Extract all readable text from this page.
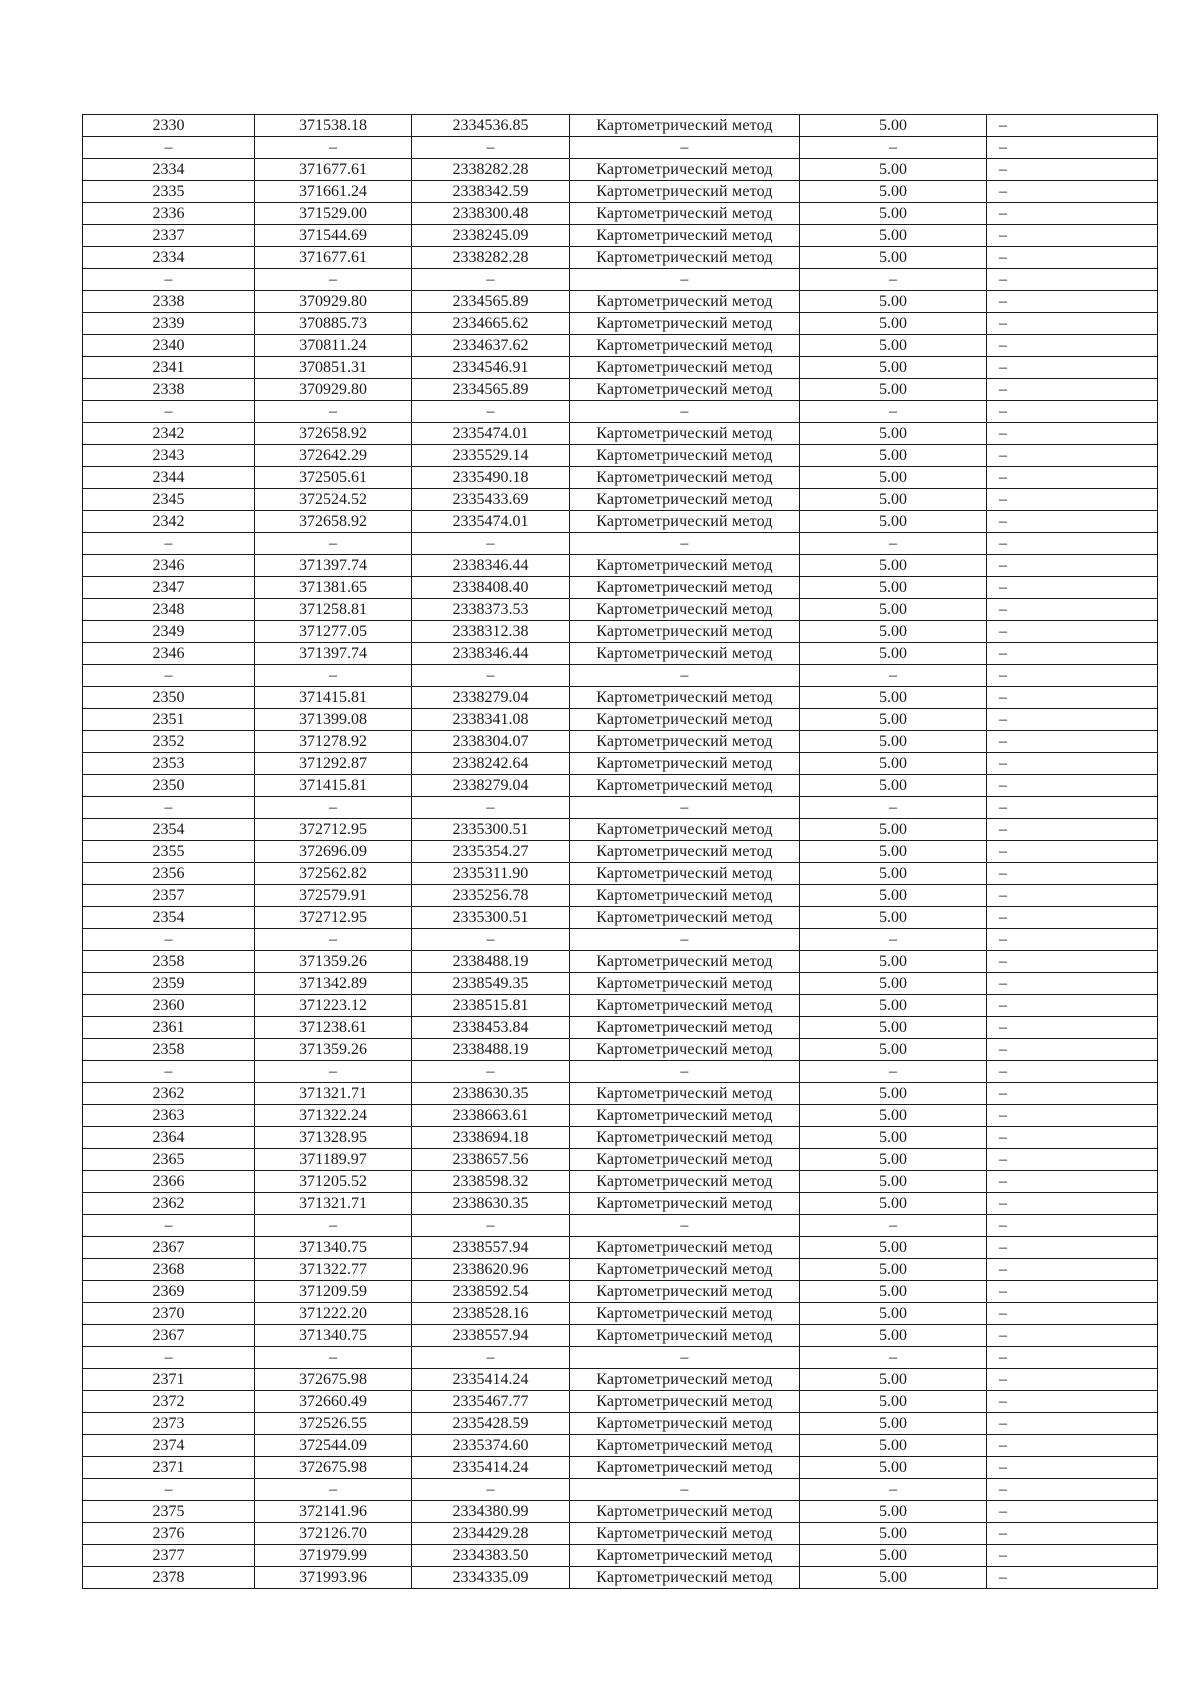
2330	371538.18	2334536.85	Картометрический метод	5.00	–
–	–	–	–	–	–
2334	371677.61	2338282.28	Картометрический метод	5.00	–
2335	371661.24	2338342.59	Картометрический метод	5.00	–
2336	371529.00	2338300.48	Картометрический метод	5.00	–
2337	371544.69	2338245.09	Картометрический метод	5.00	–
2334	371677.61	2338282.28	Картометрический метод	5.00	–
–	–	–	–	–	–
2338	370929.80	2334565.89	Картометрический метод	5.00	–
2339	370885.73	2334665.62	Картометрический метод	5.00	–
2340	370811.24	2334637.62	Картометрический метод	5.00	–
2341	370851.31	2334546.91	Картометрический метод	5.00	–
2338	370929.80	2334565.89	Картометрический метод	5.00	–
–	–	–	–	–	–
2342	372658.92	2335474.01	Картометрический метод	5.00	–
2343	372642.29	2335529.14	Картометрический метод	5.00	–
2344	372505.61	2335490.18	Картометрический метод	5.00	–
2345	372524.52	2335433.69	Картометрический метод	5.00	–
2342	372658.92	2335474.01	Картометрический метод	5.00	–
–	–	–	–	–	–
2346	371397.74	2338346.44	Картометрический метод	5.00	–
2347	371381.65	2338408.40	Картометрический метод	5.00	–
2348	371258.81	2338373.53	Картометрический метод	5.00	–
2349	371277.05	2338312.38	Картометрический метод	5.00	–
2346	371397.74	2338346.44	Картометрический метод	5.00	–
–	–	–	–	–	–
2350	371415.81	2338279.04	Картометрический метод	5.00	–
2351	371399.08	2338341.08	Картометрический метод	5.00	–
2352	371278.92	2338304.07	Картометрический метод	5.00	–
2353	371292.87	2338242.64	Картометрический метод	5.00	–
2350	371415.81	2338279.04	Картометрический метод	5.00	–
–	–	–	–	–	–
2354	372712.95	2335300.51	Картометрический метод	5.00	–
2355	372696.09	2335354.27	Картометрический метод	5.00	–
2356	372562.82	2335311.90	Картометрический метод	5.00	–
2357	372579.91	2335256.78	Картометрический метод	5.00	–
2354	372712.95	2335300.51	Картометрический метод	5.00	–
–	–	–	–	–	–
2358	371359.26	2338488.19	Картометрический метод	5.00	–
2359	371342.89	2338549.35	Картометрический метод	5.00	–
2360	371223.12	2338515.81	Картометрический метод	5.00	–
2361	371238.61	2338453.84	Картометрический метод	5.00	–
2358	371359.26	2338488.19	Картометрический метод	5.00	–
–	–	–	–	–	–
2362	371321.71	2338630.35	Картометрический метод	5.00	–
2363	371322.24	2338663.61	Картометрический метод	5.00	–
2364	371328.95	2338694.18	Картометрический метод	5.00	–
2365	371189.97	2338657.56	Картометрический метод	5.00	–
2366	371205.52	2338598.32	Картометрический метод	5.00	–
2362	371321.71	2338630.35	Картометрический метод	5.00	–
–	–	–	–	–	–
2367	371340.75	2338557.94	Картометрический метод	5.00	–
2368	371322.77	2338620.96	Картометрический метод	5.00	–
2369	371209.59	2338592.54	Картометрический метод	5.00	–
2370	371222.20	2338528.16	Картометрический метод	5.00	–
2367	371340.75	2338557.94	Картометрический метод	5.00	–
–	–	–	–	–	–
2371	372675.98	2335414.24	Картометрический метод	5.00	–
2372	372660.49	2335467.77	Картометрический метод	5.00	–
2373	372526.55	2335428.59	Картометрический метод	5.00	–
2374	372544.09	2335374.60	Картометрический метод	5.00	–
2371	372675.98	2335414.24	Картометрический метод	5.00	–
–	–	–	–	–	–
2375	372141.96	2334380.99	Картометрический метод	5.00	–
2376	372126.70	2334429.28	Картометрический метод	5.00	–
2377	371979.99	2334383.50	Картометрический метод	5.00	–
2378	371993.96	2334335.09	Картометрический метод	5.00	–
